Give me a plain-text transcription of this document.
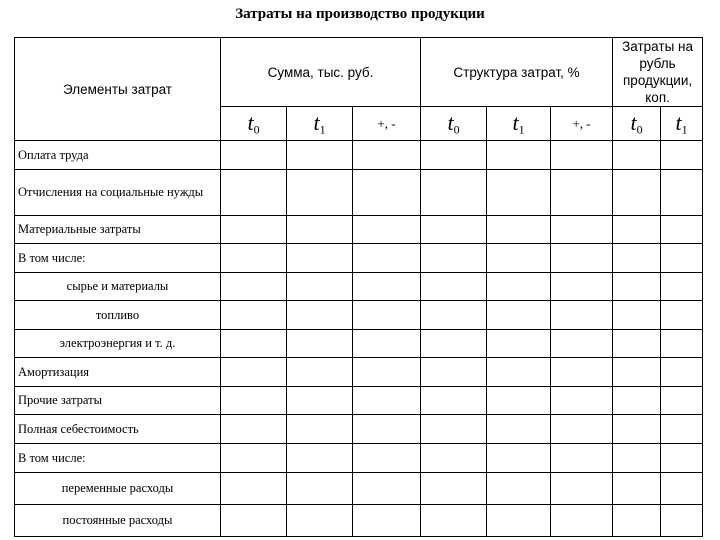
Затраты на производство продукции
Элементы затрат	Сумма, тыс. руб.			Структура затрат, %			Затраты на рубль продукции, коп.	
	$t_0$	$t_1$	+, -	$t_0$	$t_1$	+, -	$t_0$	$t_1$
Оплата труда								
Отчисления на социальные нужды								
Материальные затраты								
В том числе:								
сырье и материалы								
топливо								
электроэнергия и т. д.								
Амортизация								
Прочие затраты								
Полная себестоимость								
В том числе:								
переменные расходы								
постоянные расходы								
